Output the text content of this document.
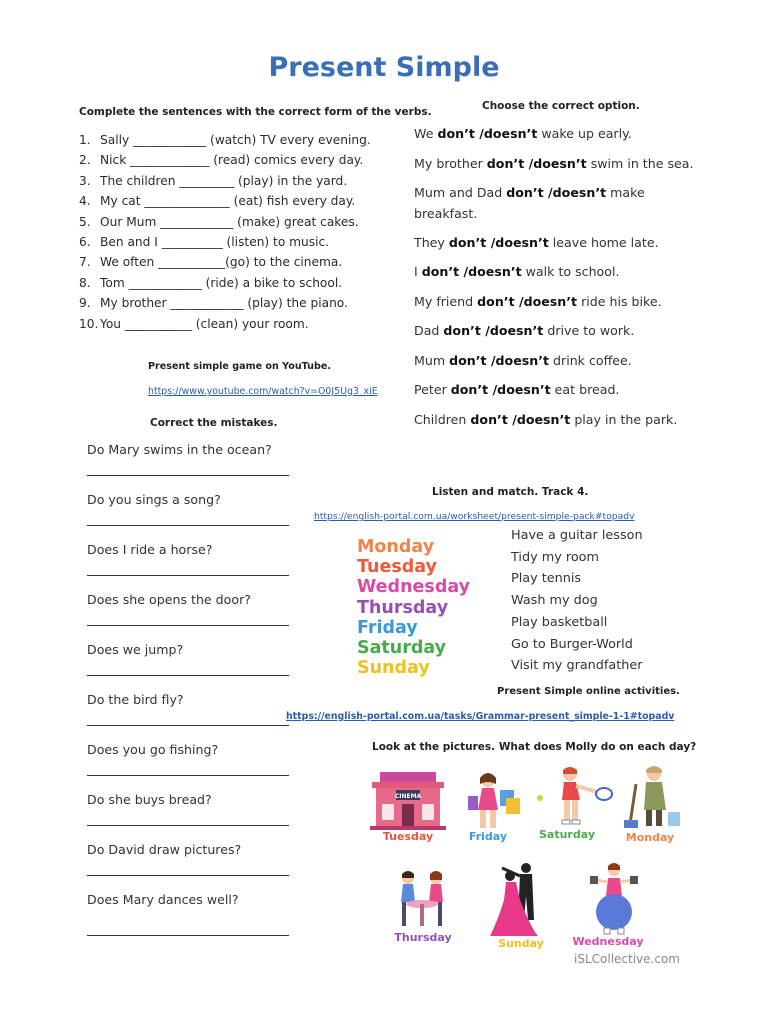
Present Simple
Complete the sentences with the correct form of the verbs.
1. Sally ____________ (watch) TV every evening.
2. Nick _____________ (read) comics every day.
3. The children _________ (play) in the yard.
4. My cat ______________ (eat) fish every day.
5. Our Mum ____________ (make) great cakes.
6. Ben and I __________ (listen) to music.
7. We often ___________(go) to the cinema.
8. Tom ____________ (ride) a bike to school.
9. My brother ____________ (play) the piano.
10. You ___________ (clean) your room.
Choose the correct option.
We don’t /doesn’t wake up early.
My brother don’t /doesn’t swim in the sea.
Mum and Dad don’t /doesn’t make
breakfast.
They don’t /doesn’t leave home late.
I don’t /doesn’t walk to school.
My friend don’t /doesn’t ride his bike.
Dad don’t /doesn’t drive to work.
Mum don’t /doesn’t drink coffee.
Peter don’t /doesn’t eat bread.
Children don’t /doesn’t play in the park.
Present simple game on YouTube.
https://www.youtube.com/watch?v=O0J5Ug3_xiE
Correct the mistakes.
Do Mary swims in the ocean?
Do you sings a song?
Does I ride a horse?
Does she opens the door?
Does we jump?
Do the bird fly?
Does you go fishing?
Do she buys bread?
Do David draw pictures?
Does Mary dances well?
Listen and match. Track 4.
https://english-portal.com.ua/worksheet/present-simple-pack#topadv
Monday
Tuesday
Wednesday
Thursday
Friday
Saturday
Sunday
Have a guitar lesson
Tidy my room
Play tennis
Wash my dog
Play basketball
Go to Burger-World
Visit my grandfather
Present Simple online activities.
https://english-portal.com.ua/tasks/Grammar-present_simple-1-1#topadv
Look at the pictures. What does Molly do on each day?
CINEMA
Tuesday	Friday	Saturday	Monday
Thursday	Sunday	Wednesday
iSLCollective.com
